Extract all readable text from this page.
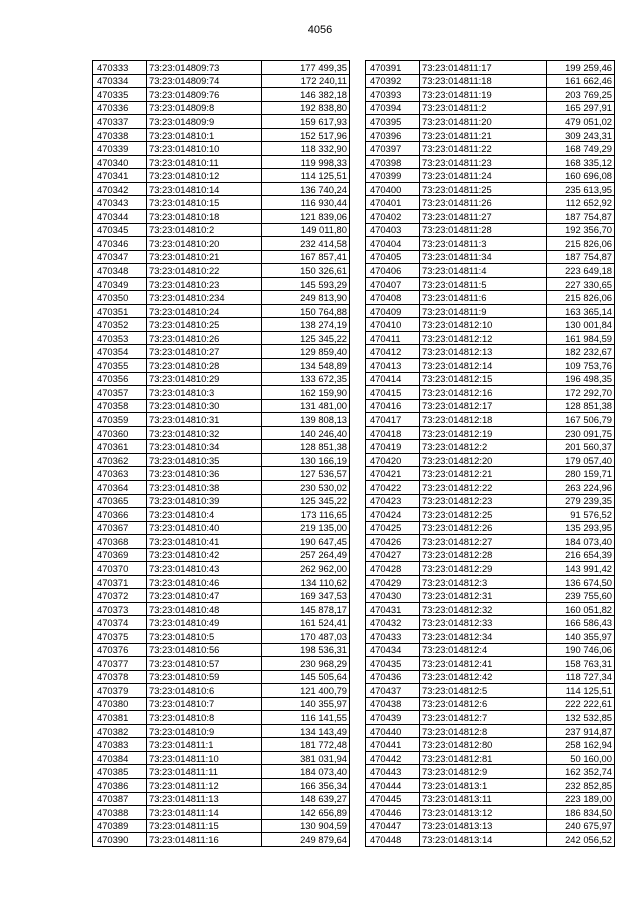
4056
470333	73:23:014809:73	177 499,35
470334	73:23:014809:74	172 240,11
470335	73:23:014809:76	146 382,18
470336	73:23:014809:8	192 838,80
470337	73:23:014809:9	159 617,93
470338	73:23:014810:1	152 517,96
470339	73:23:014810:10	118 332,90
470340	73:23:014810:11	119 998,33
470341	73:23:014810:12	114 125,51
470342	73:23:014810:14	136 740,24
470343	73:23:014810:15	116 930,44
470344	73:23:014810:18	121 839,06
470345	73:23:014810:2	149 011,80
470346	73:23:014810:20	232 414,58
470347	73:23:014810:21	167 857,41
470348	73:23:014810:22	150 326,61
470349	73:23:014810:23	145 593,29
470350	73:23:014810:234	249 813,90
470351	73:23:014810:24	150 764,88
470352	73:23:014810:25	138 274,19
470353	73:23:014810:26	125 345,22
470354	73:23:014810:27	129 859,40
470355	73:23:014810:28	134 548,89
470356	73:23:014810:29	133 672,35
470357	73:23:014810:3	162 159,90
470358	73:23:014810:30	131 481,00
470359	73:23:014810:31	139 808,13
470360	73:23:014810:32	140 246,40
470361	73:23:014810:34	128 851,38
470362	73:23:014810:35	130 166,19
470363	73:23:014810:36	127 536,57
470364	73:23:014810:38	230 530,02
470365	73:23:014810:39	125 345,22
470366	73:23:014810:4	173 116,65
470367	73:23:014810:40	219 135,00
470368	73:23:014810:41	190 647,45
470369	73:23:014810:42	257 264,49
470370	73:23:014810:43	262 962,00
470371	73:23:014810:46	134 110,62
470372	73:23:014810:47	169 347,53
470373	73:23:014810:48	145 878,17
470374	73:23:014810:49	161 524,41
470375	73:23:014810:5	170 487,03
470376	73:23:014810:56	198 536,31
470377	73:23:014810:57	230 968,29
470378	73:23:014810:59	145 505,64
470379	73:23:014810:6	121 400,79
470380	73:23:014810:7	140 355,97
470381	73:23:014810:8	116 141,55
470382	73:23:014810:9	134 143,49
470383	73:23:014811:1	181 772,48
470384	73:23:014811:10	381 031,94
470385	73:23:014811:11	184 073,40
470386	73:23:014811:12	166 356,34
470387	73:23:014811:13	148 639,27
470388	73:23:014811:14	142 656,89
470389	73:23:014811:15	130 904,59
470390	73:23:014811:16	249 879,64
470391	73:23:014811:17	199 259,46
470392	73:23:014811:18	161 662,46
470393	73:23:014811:19	203 769,25
470394	73:23:014811:2	165 297,91
470395	73:23:014811:20	479 051,02
470396	73:23:014811:21	309 243,31
470397	73:23:014811:22	168 749,29
470398	73:23:014811:23	168 335,12
470399	73:23:014811:24	160 696,08
470400	73:23:014811:25	235 613,95
470401	73:23:014811:26	112 652,92
470402	73:23:014811:27	187 754,87
470403	73:23:014811:28	192 356,70
470404	73:23:014811:3	215 826,06
470405	73:23:014811:34	187 754,87
470406	73:23:014811:4	223 649,18
470407	73:23:014811:5	227 330,65
470408	73:23:014811:6	215 826,06
470409	73:23:014811:9	163 365,14
470410	73:23:014812:10	130 001,84
470411	73:23:014812:12	161 984,59
470412	73:23:014812:13	182 232,67
470413	73:23:014812:14	109 753,76
470414	73:23:014812:15	196 498,35
470415	73:23:014812:16	172 292,70
470416	73:23:014812:17	128 851,38
470417	73:23:014812:18	167 506,79
470418	73:23:014812:19	230 091,75
470419	73:23:014812:2	201 560,37
470420	73:23:014812:20	179 057,40
470421	73:23:014812:21	280 159,71
470422	73:23:014812:22	263 224,96
470423	73:23:014812:23	279 239,35
470424	73:23:014812:25	91 576,52
470425	73:23:014812:26	135 293,95
470426	73:23:014812:27	184 073,40
470427	73:23:014812:28	216 654,39
470428	73:23:014812:29	143 991,42
470429	73:23:014812:3	136 674,50
470430	73:23:014812:31	239 755,60
470431	73:23:014812:32	160 051,82
470432	73:23:014812:33	166 586,43
470433	73:23:014812:34	140 355,97
470434	73:23:014812:4	190 746,06
470435	73:23:014812:41	158 763,31
470436	73:23:014812:42	118 727,34
470437	73:23:014812:5	114 125,51
470438	73:23:014812:6	222 222,61
470439	73:23:014812:7	132 532,85
470440	73:23:014812:8	237 914,87
470441	73:23:014812:80	258 162,94
470442	73:23:014812:81	50 160,00
470443	73:23:014812:9	162 352,74
470444	73:23:014813:1	232 852,85
470445	73:23:014813:11	223 189,00
470446	73:23:014813:12	186 834,50
470447	73:23:014813:13	240 675,97
470448	73:23:014813:14	242 056,52
